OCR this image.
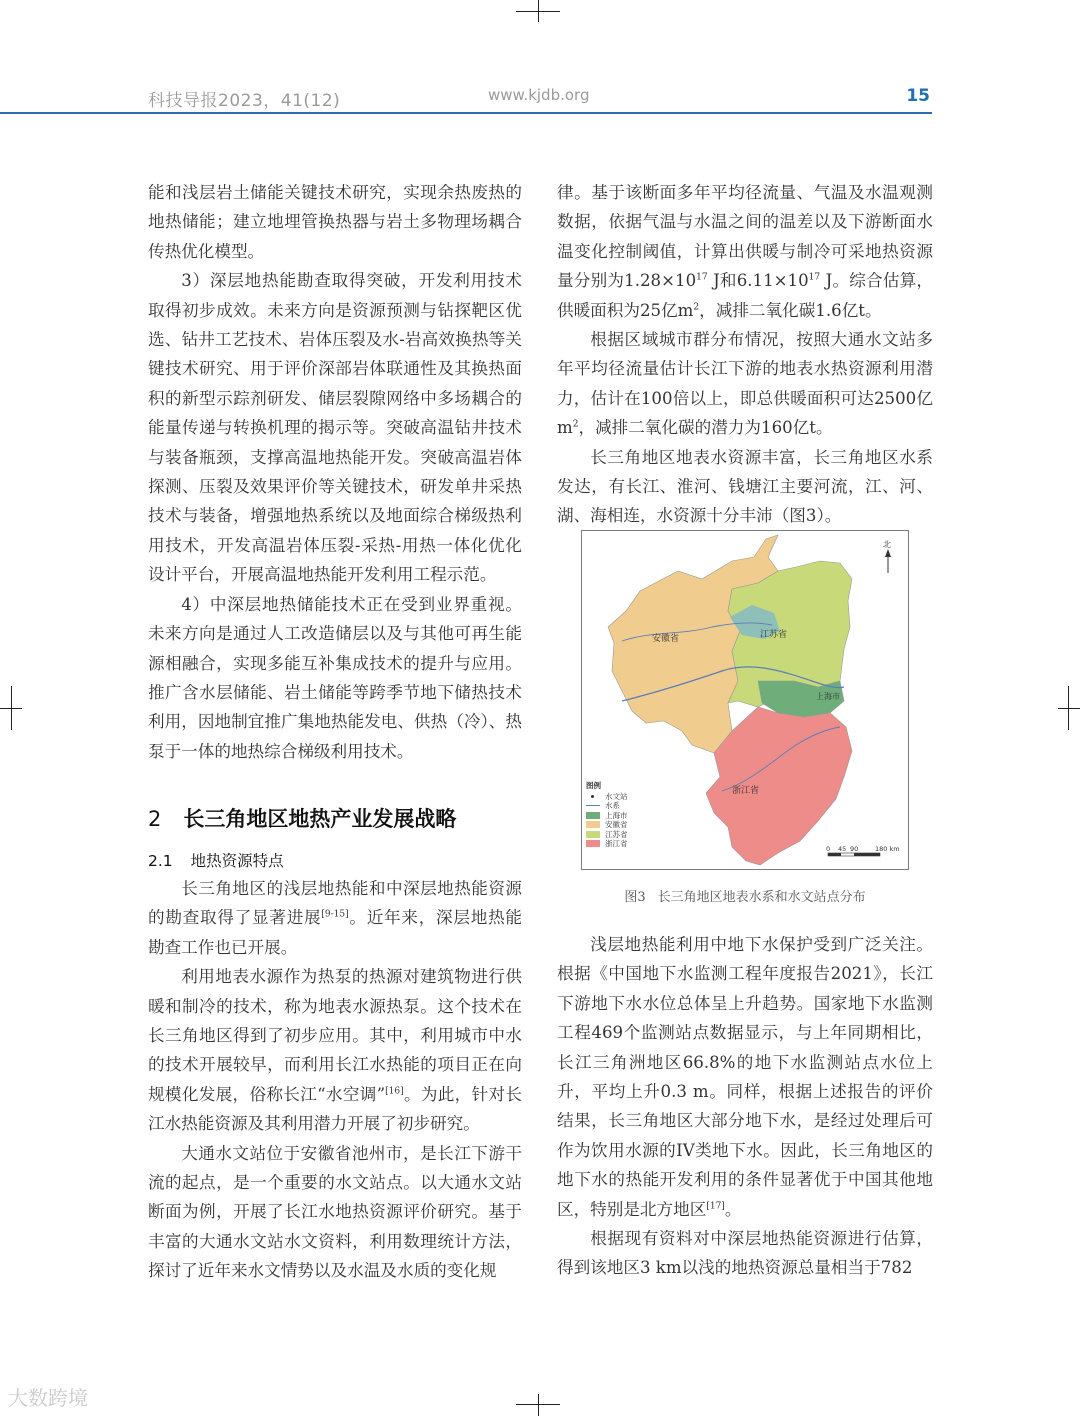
科技导报2023，41(12)	www.kjdb.org	15

能和浅层岩土储能关键技术研究，实现余热废热的地热储能；建立地埋管换热器与岩土多物理场耦合传热优化模型。

3）深层地热能勘查取得突破，开发利用技术取得初步成效。未来方向是资源预测与钻探靶区优选、钻井工艺技术、岩体压裂及水-岩高效换热等关键技术研究、用于评价深部岩体联通性及其换热面积的新型示踪剂研发、储层裂隙网络中多场耦合的能量传递与转换机理的揭示等。突破高温钻井技术与装备瓶颈，支撑高温地热能开发。突破高温岩体探测、压裂及效果评价等关键技术，研发单井采热技术与装备，增强地热系统以及地面综合梯级热利用技术，开发高温岩体压裂-采热-用热一体化优化设计平台，开展高温地热能开发利用工程示范。

4）中深层地热储能技术正在受到业界重视。未来方向是通过人工改造储层以及与其他可再生能源相融合，实现多能互补集成技术的提升与应用。推广含水层储能、岩土储能等跨季节地下储热技术利用，因地制宜推广集地热能发电、供热（冷）、热泵于一体的地热综合梯级利用技术。

2 长三角地区地热产业发展战略
2.1 地热资源特点

长三角地区的浅层地热能和中深层地热能资源的勘查取得了显著进展[9-15]。近年来，深层地热能勘查工作也已开展。

利用地表水源作为热泵的热源对建筑物进行供暖和制冷的技术，称为地表水源热泵。这个技术在长三角地区得到了初步应用。其中，利用城市中水的技术开展较早，而利用长江水热能的项目正在向规模化发展，俗称长江“水空调”[16]。为此，针对长江水热能资源及其利用潜力开展了初步研究。

大通水文站位于安徽省池州市，是长江下游干流的起点，是一个重要的水文站点。以大通水文站断面为例，开展了长江水地热资源评价研究。基于丰富的大通水文站水文资料，利用数理统计方法，探讨了近年来水文情势以及水温及水质的变化规

律。基于该断面多年平均径流量、气温及水温观测数据，依据气温与水温之间的温差以及下游断面水温变化控制阈值，计算出供暖与制冷可采地热资源量分别为$1.28\times 10^{17}$ J和$6.11\times 10^{17}$ J。综合估算，供暖面积为25亿$m^2$，减排二氧化碳1.6亿t。

根据区域城市群分布情况，按照大通水文站多年平均径流量估计长江下游的地表水热资源利用潜力，估计在100倍以上，即总供暖面积可达2500亿$m^2$，减排二氧化碳的潜力为160亿t。

长三角地区地表水资源丰富，长三角地区水系发达，有长江、淮河、钱塘江主要河流，江、河、湖、海相连，水资源十分丰沛（图3）。

江苏省
安徽省
上海市
浙江省
北
0 45 90	180 km
图例
水文站
水系
上海市
安徽省
江苏省
浙江省
图3 长三角地区地表水系和水文站点分布

浅层地热能利用中地下水保护受到广泛关注。根据《中国地下水监测工程年度报告2021》，长江下游地下水水位总体呈上升趋势。国家地下水监测工程469个监测站点数据显示，与上年同期相比，长江三角洲地区66.8%的地下水监测站点水位上升，平均上升0.3 m。同样，根据上述报告的评价结果，长三角地区大部分地下水，是经过处理后可作为饮用水源的IV类地下水。因此，长三角地区的地下水的热能开发利用的条件显著优于中国其他地区，特别是北方地区[17]。

根据现有资料对中深层地热能资源进行估算，得到该地区3 km以浅的地热资源总量相当于782

大数跨境
